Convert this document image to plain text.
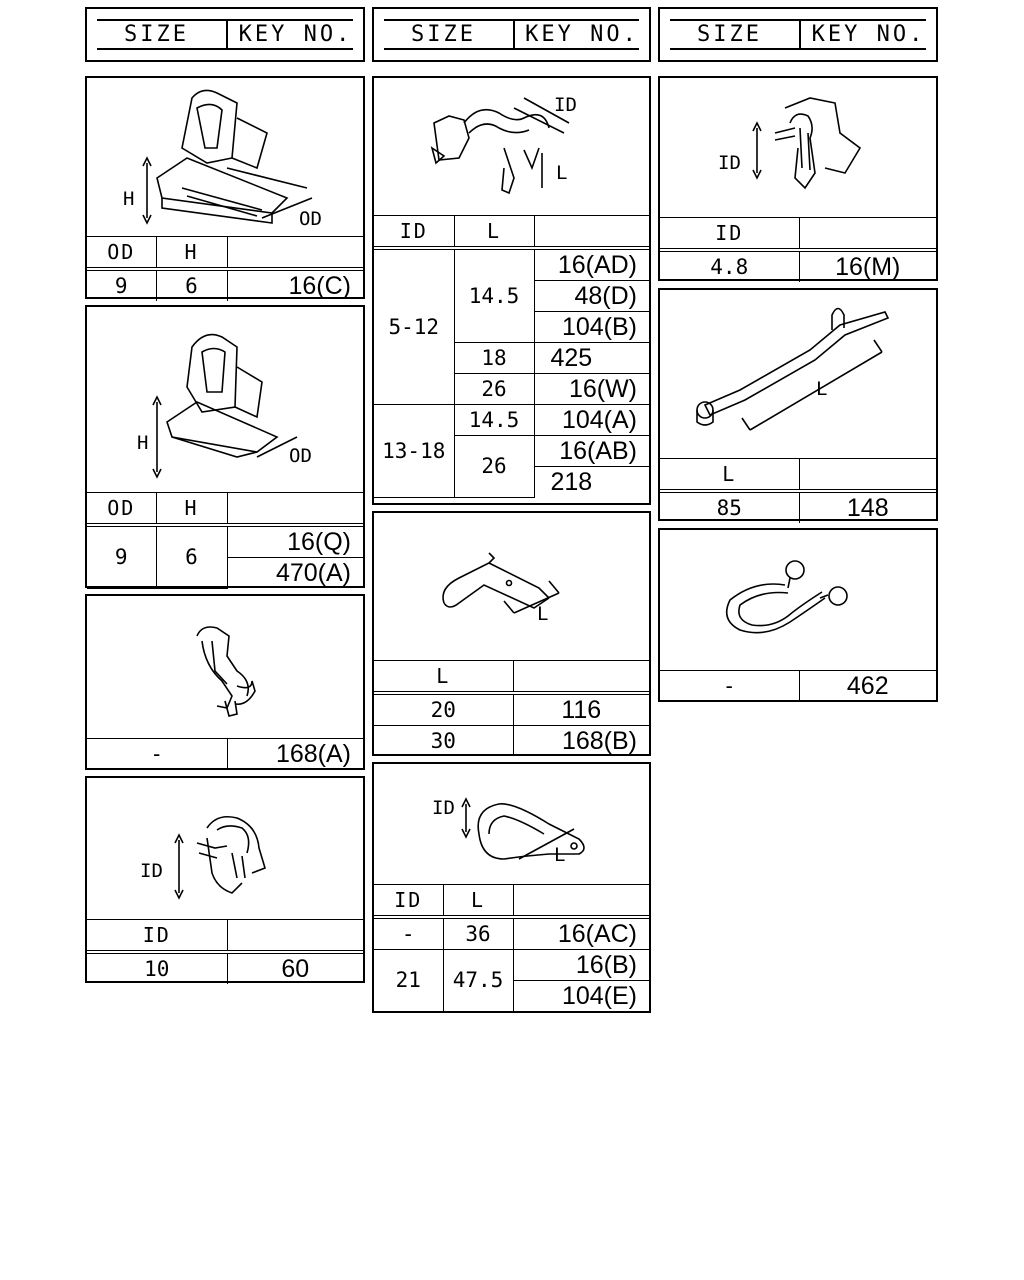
SIZE	KEY NO.	SIZE	KEY NO.	SIZE	KEY NO.
H
OD
OD	H	
9	6	16(C)
H
OD
OD	H	
9	6	16(Q)
		470(A)
-	168(A)
ID
ID	
10	60
ID
L
ID	L	
5-12	14.5	16(AD)
		48(D)
		104(B)
	18	425
	26	16(W)
13-18	14.5	104(A)
	26	16(AB)
		218
L
L	
20	116
30	168(B)
ID
L
ID	L	
-	36	16(AC)
21	47.5	16(B)
		104(E)
ID
ID	
4.8	16(M)
L
L	
85	148
-	462
